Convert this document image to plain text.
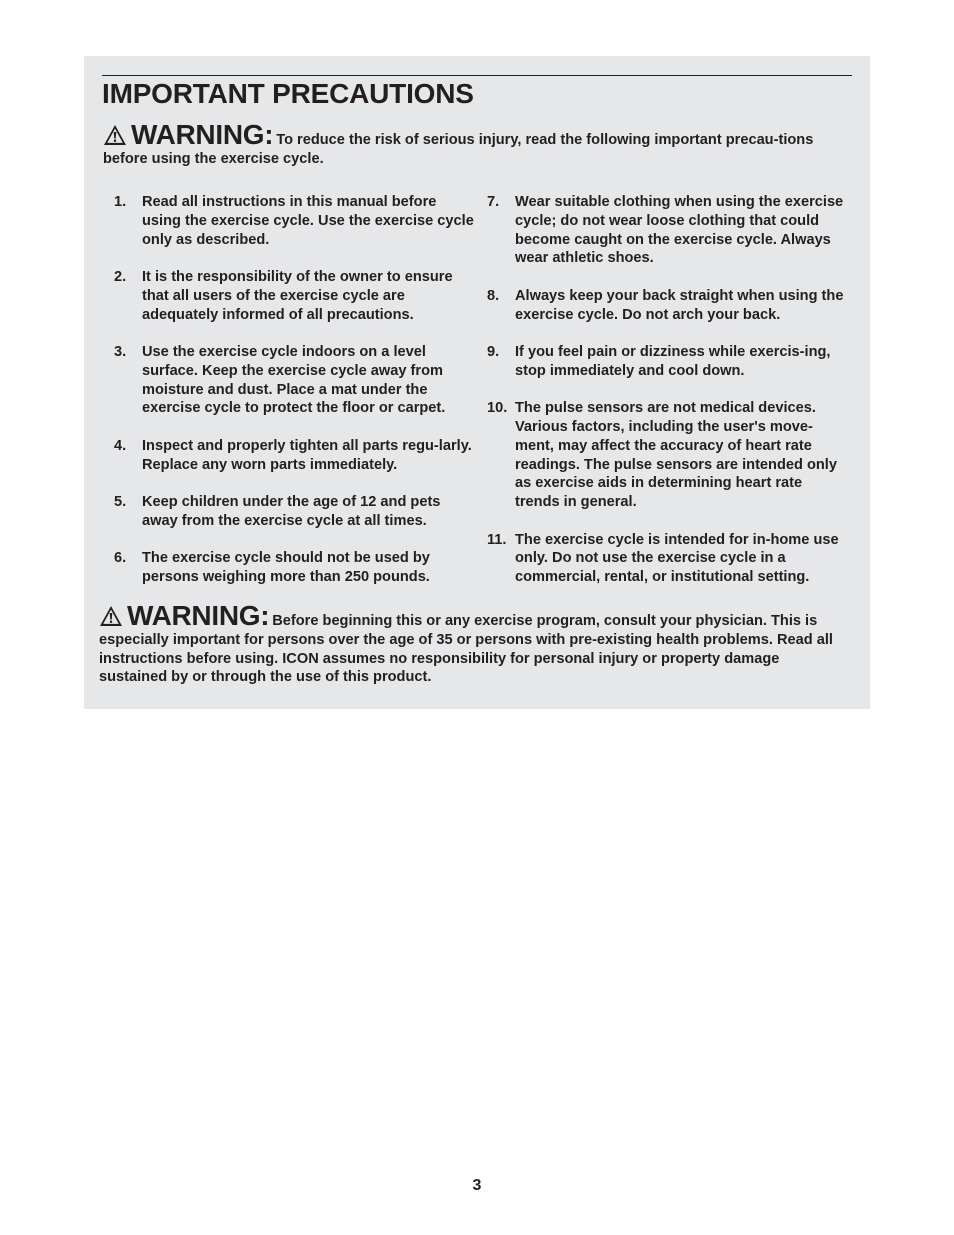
IMPORTANT PRECAUTIONS
WARNING: To reduce the risk of serious injury, read the following important precau-tions before using the exercise cycle.
1.	Read all instructions in this manual before using the exercise cycle. Use the exercise cycle only as described.
2.	It is the responsibility of the owner to ensure that all users of the exercise cycle are adequately informed of all precautions.
3.	Use the exercise cycle indoors on a level surface. Keep the exercise cycle away from moisture and dust. Place a mat under the exercise cycle to protect the floor or carpet.
4.	Inspect and properly tighten all parts regu-larly. Replace any worn parts immediately.
5.	Keep children under the age of 12 and pets away from the exercise cycle at all times.
6.	The exercise cycle should not be used by persons weighing more than 250 pounds.
7.	Wear suitable clothing when using the exercise cycle; do not wear loose clothing that could become caught on the exercise cycle. Always wear athletic shoes.
8.	Always keep your back straight when using the exercise cycle. Do not arch your back.
9.	If you feel pain or dizziness while exercis-ing, stop immediately and cool down.
10. The pulse sensors are not medical devices. Various factors, including the user's move-ment, may affect the accuracy of heart rate readings. The pulse sensors are intended only as exercise aids in determining heart rate trends in general.
11. The exercise cycle is intended for in-home use only. Do not use the exercise cycle in a commercial, rental, or institutional setting.
WARNING: Before beginning this or any exercise program, consult your physician. This is especially important for persons over the age of 35 or persons with pre-existing health problems. Read all instructions before using. ICON assumes no responsibility for personal injury or property damage sustained by or through the use of this product.
3
